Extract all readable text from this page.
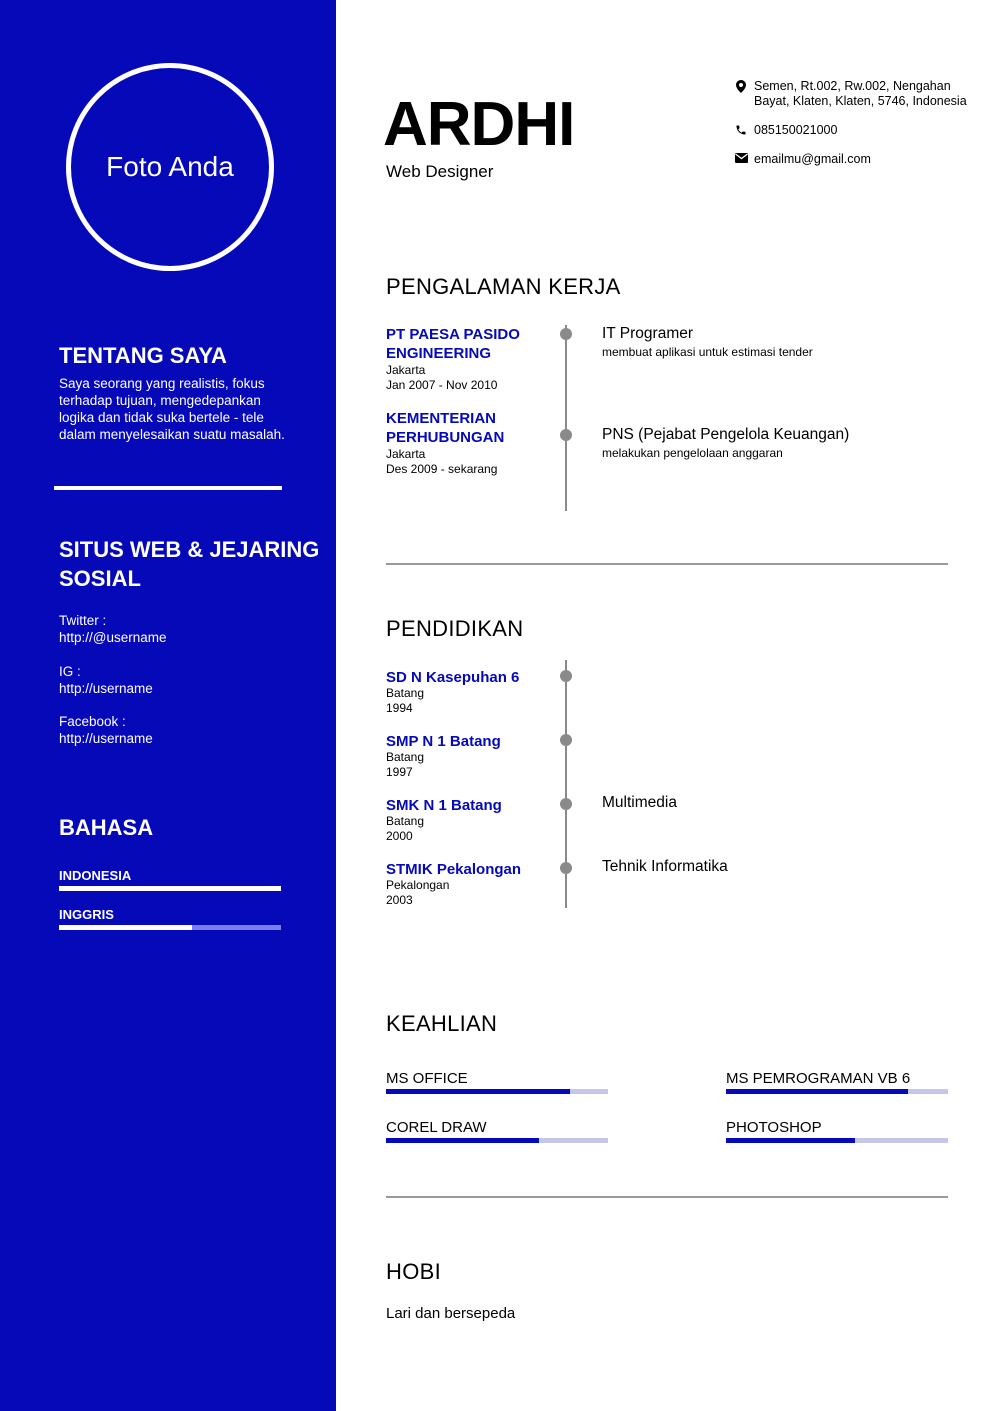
Foto Anda
TENTANG SAYA
Saya seorang yang realistis, fokus
terhadap tujuan, mengedepankan
logika dan tidak suka bertele - tele
dalam menyelesaikan suatu masalah.
SITUS WEB & JEJARING
SOSIAL
Twitter :
http://@username
IG :
http://username
Facebook :
http://username
BAHASA
INDONESIA
INGGRIS
ARDHI
Web Designer
Semen, Rt.002, Rw.002, Nengahan
Bayat, Klaten, Klaten, 5746, Indonesia
085150021000
emailmu@gmail.com
PENGALAMAN KERJA
PT PAESA PASIDO
ENGINEERING
Jakarta
Jan 2007 - Nov 2010
IT Programer
membuat aplikasi untuk estimasi tender
KEMENTERIAN
PERHUBUNGAN
Jakarta
Des 2009 - sekarang
PNS (Pejabat Pengelola Keuangan)
melakukan pengelolaan anggaran
PENDIDIKAN
SD N Kasepuhan 6
Batang
1994
SMP N 1 Batang
Batang
1997
SMK N 1 Batang
Batang
2000
Multimedia
STMIK Pekalongan
Pekalongan
2003
Tehnik Informatika
KEAHLIAN
MS OFFICE	MS PEMROGRAMAN VB 6
COREL DRAW	PHOTOSHOP
HOBI
Lari dan bersepeda
